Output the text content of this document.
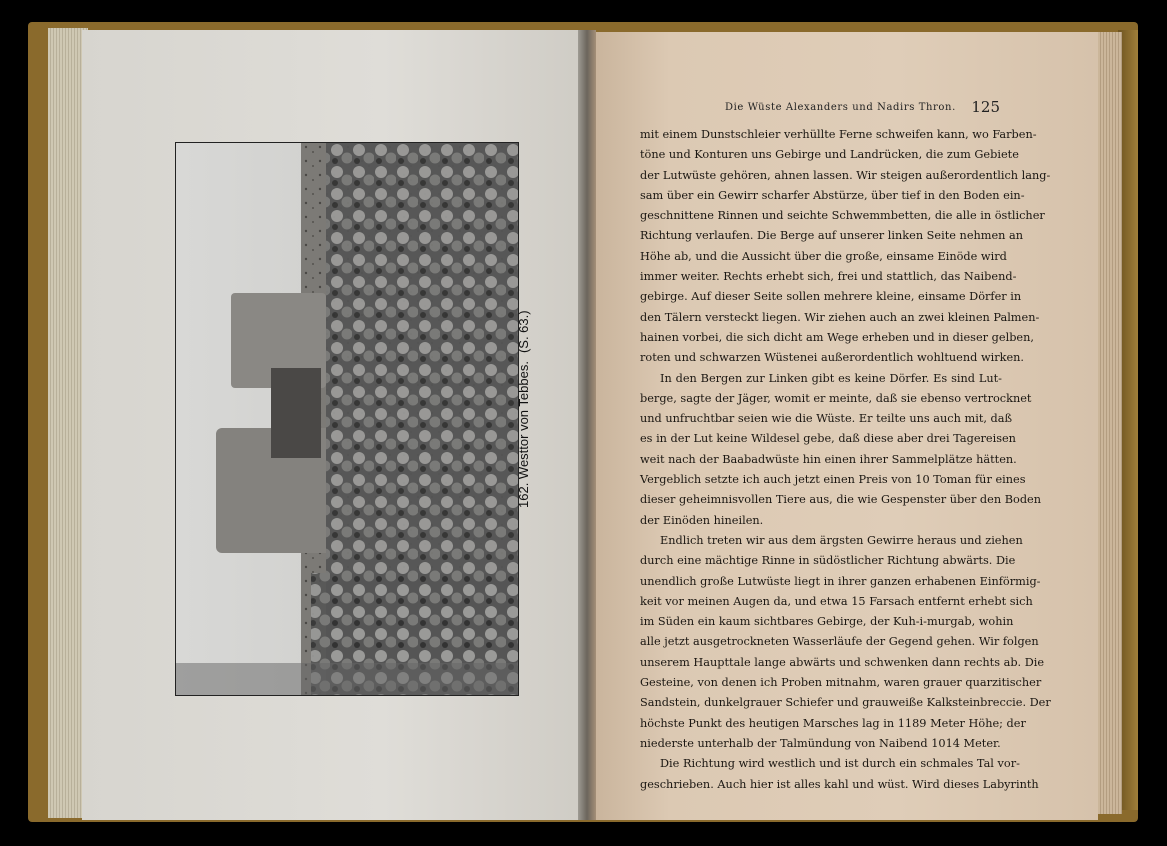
162. Westtor von Tebbes.(S. 63.)
Die Wüste Alexanders und Nadirs Thron. 125
mit einem Dunstschleier verhüllte Ferne schweifen kann, wo Farben-
töne und Konturen uns Gebirge und Landrücken, die zum Gebiete
der Lutwüste gehören, ahnen lassen. Wir steigen außerordentlich lang-
sam über ein Gewirr scharfer Abstürze, über tief in den Boden ein-
geschnittene Rinnen und seichte Schwemmbetten, die alle in östlicher
Richtung verlaufen. Die Berge auf unserer linken Seite nehmen an
Höhe ab, und die Aussicht über die große, einsame Einöde wird
immer weiter. Rechts erhebt sich, frei und stattlich, das Naibend-
gebirge. Auf dieser Seite sollen mehrere kleine, einsame Dörfer in
den Tälern versteckt liegen. Wir ziehen auch an zwei kleinen Palmen-
hainen vorbei, die sich dicht am Wege erheben und in dieser gelben,
roten und schwarzen Wüstenei außerordentlich wohltuend wirken.
In den Bergen zur Linken gibt es keine Dörfer. Es sind Lut-
berge, sagte der Jäger, womit er meinte, daß sie ebenso vertrocknet
und unfruchtbar seien wie die Wüste. Er teilte uns auch mit, daß
es in der Lut keine Wildesel gebe, daß diese aber drei Tagereisen
weit nach der Baabadwüste hin einen ihrer Sammelplätze hätten.
Vergeblich setzte ich auch jetzt einen Preis von 10 Toman für eines
dieser geheimnisvollen Tiere aus, die wie Gespenster über den Boden
der Einöden hineilen.
Endlich treten wir aus dem ärgsten Gewirre heraus und ziehen
durch eine mächtige Rinne in südöstlicher Richtung abwärts. Die
unendlich große Lutwüste liegt in ihrer ganzen erhabenen Einförmig-
keit vor meinen Augen da, und etwa 15 Farsach entfernt erhebt sich
im Süden ein kaum sichtbares Gebirge, der Kuh-i-murgab, wohin
alle jetzt ausgetrockneten Wasserläufe der Gegend gehen. Wir folgen
unserem Haupttale lange abwärts und schwenken dann rechts ab. Die
Gesteine, von denen ich Proben mitnahm, waren grauer quarzitischer
Sandstein, dunkelgrauer Schiefer und grauweiße Kalksteinbreccie. Der
höchste Punkt des heutigen Marsches lag in 1189 Meter Höhe; der
niederste unterhalb der Talmündung von Naibend 1014 Meter.
Die Richtung wird westlich und ist durch ein schmales Tal vor-
geschrieben. Auch hier ist alles kahl und wüst. Wird dieses Labyrinth
